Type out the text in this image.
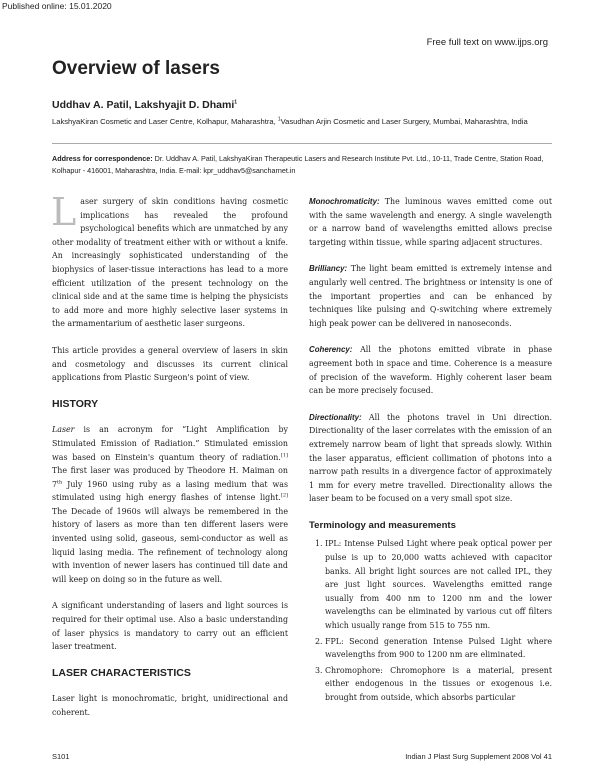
Published online: 15.01.2020
Free full text on www.ijps.org
Overview of lasers
Uddhav A. Patil, Lakshyajit D. Dhami$^1$
LakshyaKiran Cosmetic and Laser Centre, Kolhapur, Maharashtra, $^1$Vasudhan Arjin Cosmetic and Laser Surgery, Mumbai, Maharashtra, India
Address for correspondence: Dr. Uddhav A. Patil, LakshyaKiran Therapeutic Lasers and Research Institute Pvt. Ltd., 10-11, Trade Centre, Station Road, Kolhapur - 416001, Maharashtra, India. E-mail: kpr_uddhav5@sancharnet.in

Laser surgery of skin conditions having cosmetic implications has revealed the profound psychological benefits which are unmatched by any other modality of treatment either with or without a knife. An increasingly sophisticated understanding of the biophysics of laser-tissue interactions has lead to a more efficient utilization of the present technology on the clinical side and at the same time is helping the physicists to add more and more highly selective laser systems in the armamentarium of aesthetic laser surgeons.

This article provides a general overview of lasers in skin and cosmetology and discusses its current clinical applications from Plastic Surgeon's point of view.

HISTORY

Laser is an acronym for “Light Amplification by Stimulated Emission of Radiation.” Stimulated emission was based on Einstein's quantum theory of radiation.[1] The first laser was produced by Theodore H. Maiman on 7th July 1960 using ruby as a lasing medium that was stimulated using high energy flashes of intense light.[2] The Decade of 1960s will always be remembered in the history of lasers as more than ten different lasers were invented using solid, gaseous, semi-conductor as well as liquid lasing media. The refinement of technology along with invention of newer lasers has continued till date and will keep on doing so in the future as well.

A significant understanding of lasers and light sources is required for their optimal use. Also a basic understanding of laser physics is mandatory to carry out an efficient laser treatment.

LASER CHARACTERISTICS

Laser light is monochromatic, bright, unidirectional and coherent.

Monochromaticity: The luminous waves emitted come out with the same wavelength and energy. A single wavelength or a narrow band of wavelengths emitted allows precise targeting within tissue, while sparing adjacent structures.

Brilliancy: The light beam emitted is extremely intense and angularly well centred. The brightness or intensity is one of the important properties and can be enhanced by techniques like pulsing and Q-switching where extremely high peak power can be delivered in nanoseconds.

Coherency: All the photons emitted vibrate in phase agreement both in space and time. Coherence is a measure of precision of the waveform. Highly coherent laser beam can be more precisely focused.

Directionality: All the photons travel in Uni direction. Directionality of the laser correlates with the emission of an extremely narrow beam of light that spreads slowly. Within the laser apparatus, efficient collimation of photons into a narrow path results in a divergence factor of approximately 1 mm for every metre travelled. Directionality allows the laser beam to be focused on a very small spot size.

Terminology and measurements
1. IPL: Intense Pulsed Light where peak optical power per pulse is up to 20,000 watts achieved with capacitor banks. All bright light sources are not called IPL, they are just light sources. Wavelengths emitted range usually from 400 nm to 1200 nm and the lower wavelengths can be eliminated by various cut off filters which usually range from 515 to 755 nm.
2. FPL: Second generation Intense Pulsed Light where wavelengths from 900 to 1200 nm are eliminated.
3. Chromophore: Chromophore is a material, present either endogenous in the tissues or exogenous i.e. brought from outside, which absorbs particular
S101	Indian J Plast Surg Supplement 2008 Vol 41
